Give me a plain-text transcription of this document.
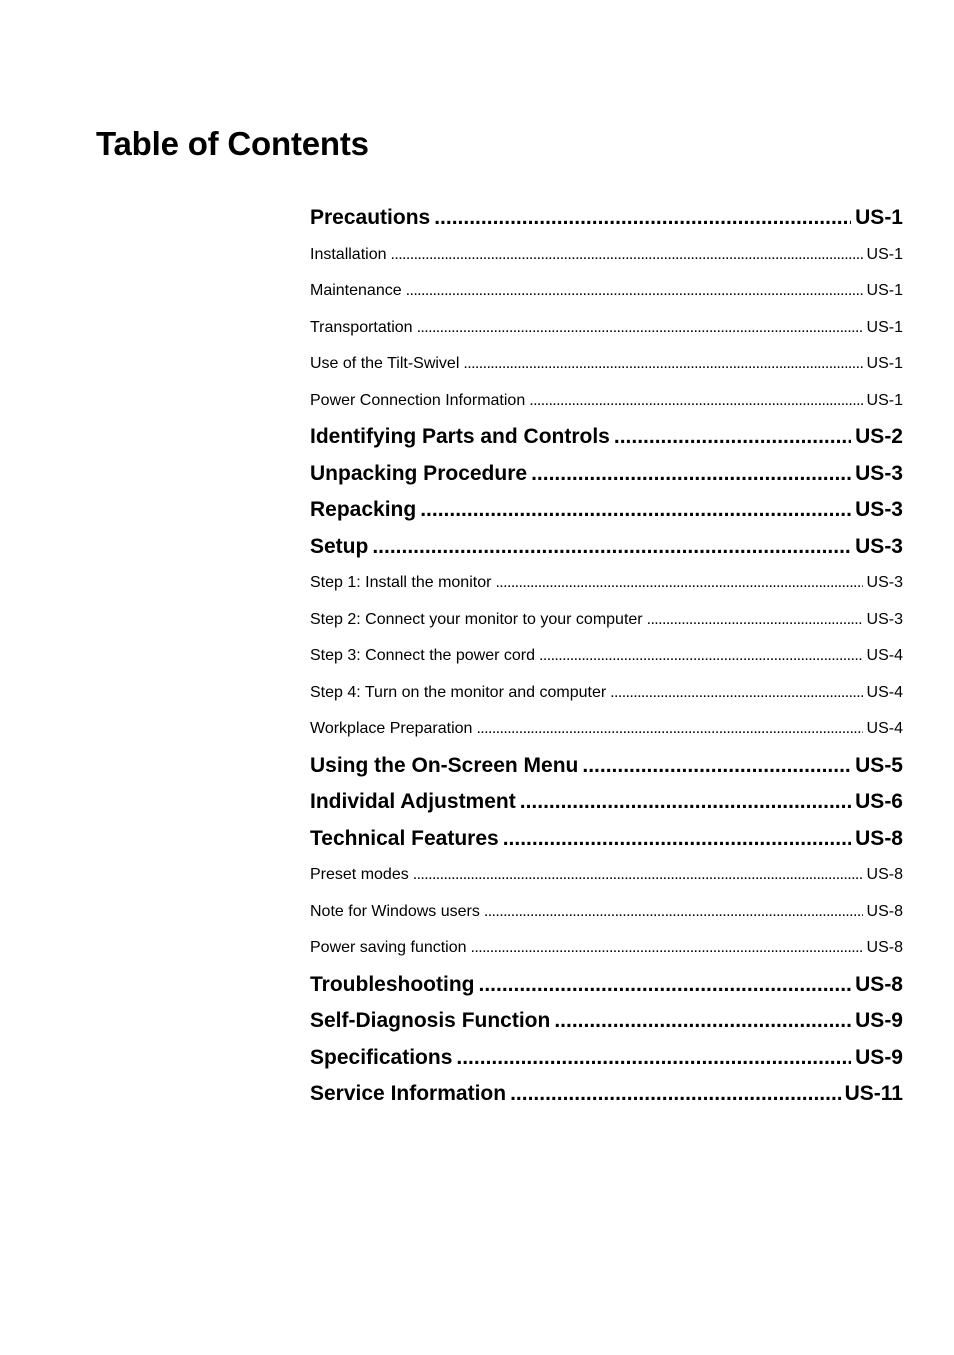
Table of Contents
Precautions .....	US-1
Installation .....	US-1
Maintenance .....	US-1
Transportation .....	US-1
Use of the Tilt-Swivel .....	US-1
Power Connection Information .....	US-1
Identifying Parts and Controls .....	US-2
Unpacking Procedure .....	US-3
Repacking .....	US-3
Setup .....	US-3
Step 1: Install the monitor .....	US-3
Step 2: Connect your monitor to your computer .....	US-3
Step 3: Connect the power cord .....	US-4
Step 4: Turn on the monitor and computer .....	US-4
Workplace Preparation .....	US-4
Using the On-Screen Menu .....	US-5
Individal Adjustment .....	US-6
Technical Features .....	US-8
Preset modes .....	US-8
Note for Windows users .....	US-8
Power saving function .....	US-8
Troubleshooting .....	US-8
Self-Diagnosis Function .....	US-9
Specifications .....	US-9
Service Information .....	US-11
